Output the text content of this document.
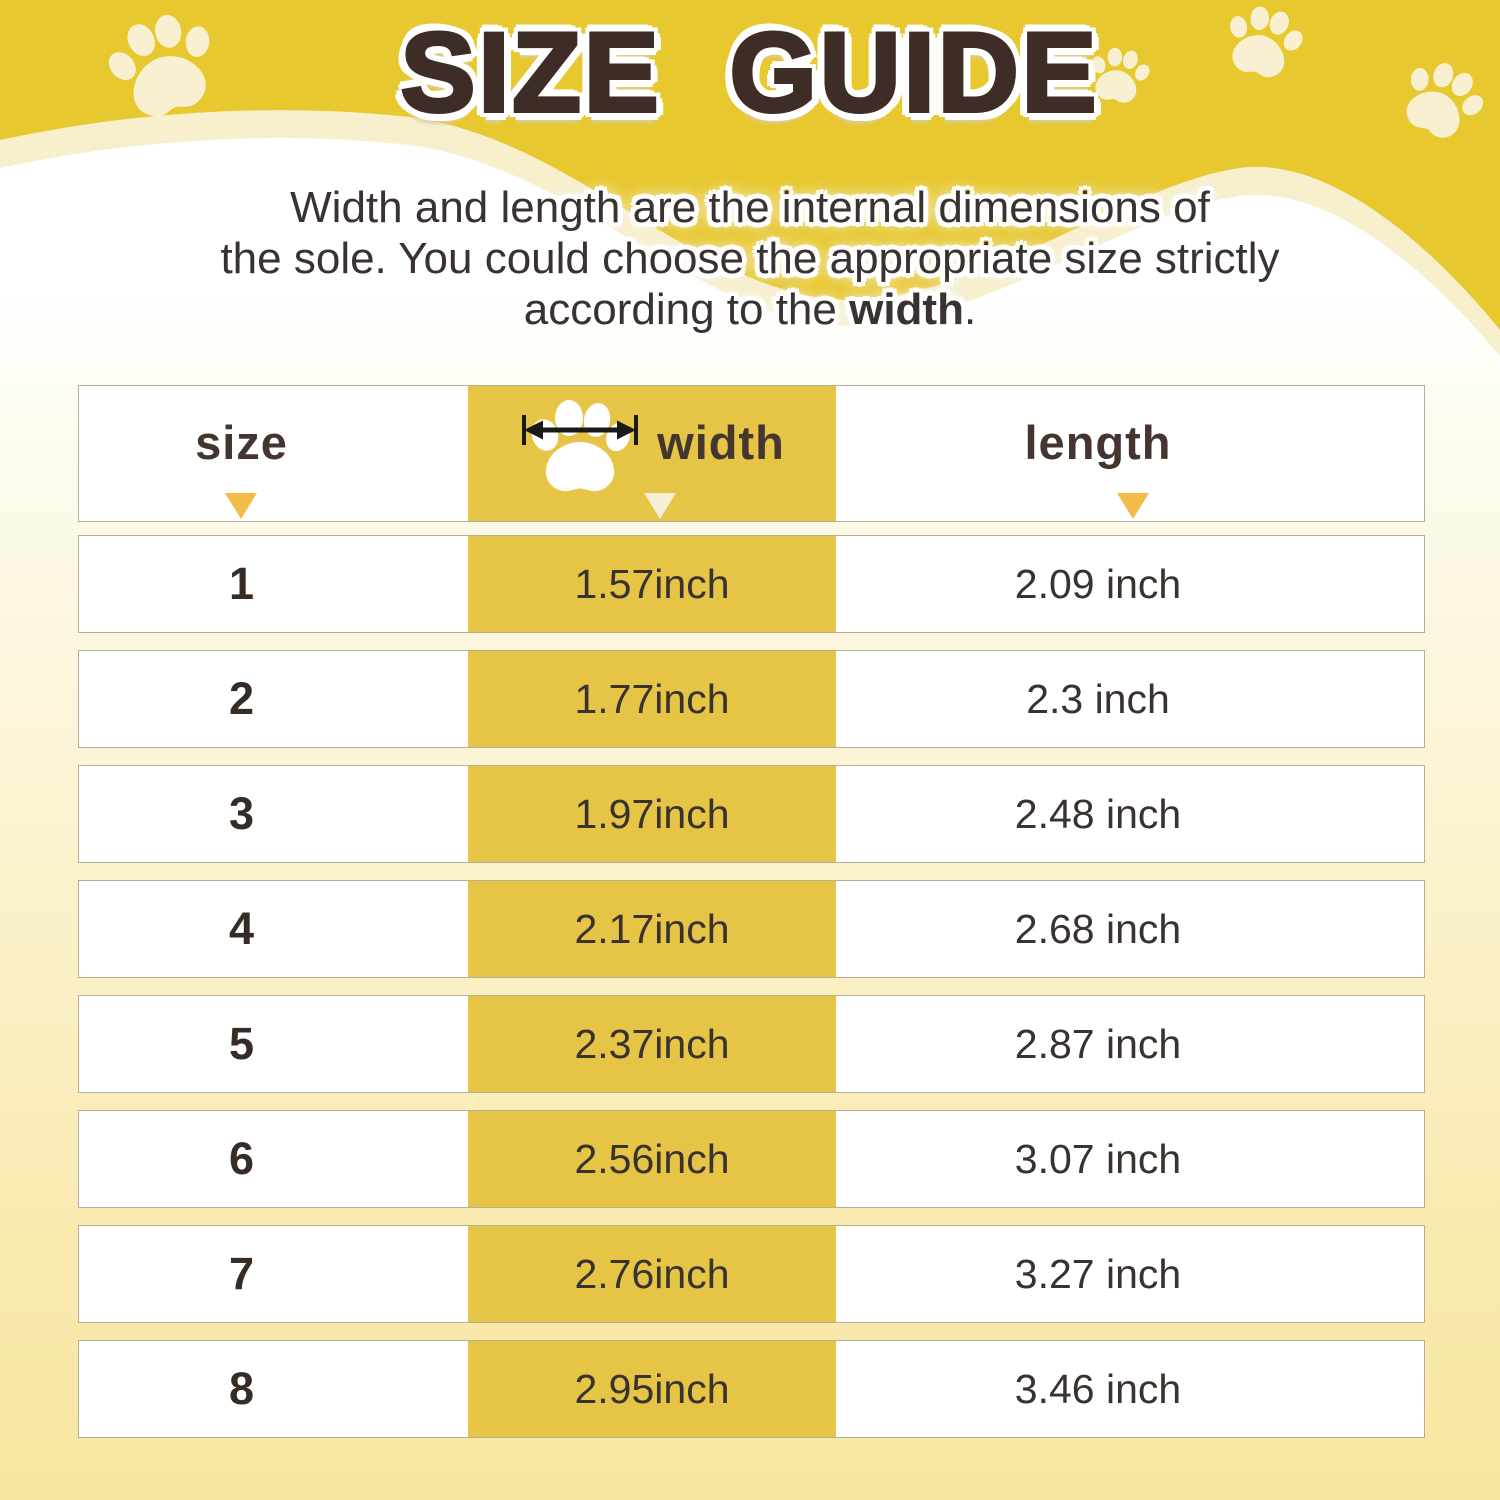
SIZE GUIDE
Width and length are the internal dimensions of
the sole. You could choose the appropriate size strictly
according to the width.
size	width	length
1	1.57inch	2.09 inch
2	1.77inch	2.3 inch
3	1.97inch	2.48 inch
4	2.17inch	2.68 inch
5	2.37inch	2.87 inch
6	2.56inch	3.07 inch
7	2.76inch	3.27 inch
8	2.95inch	3.46 inch
